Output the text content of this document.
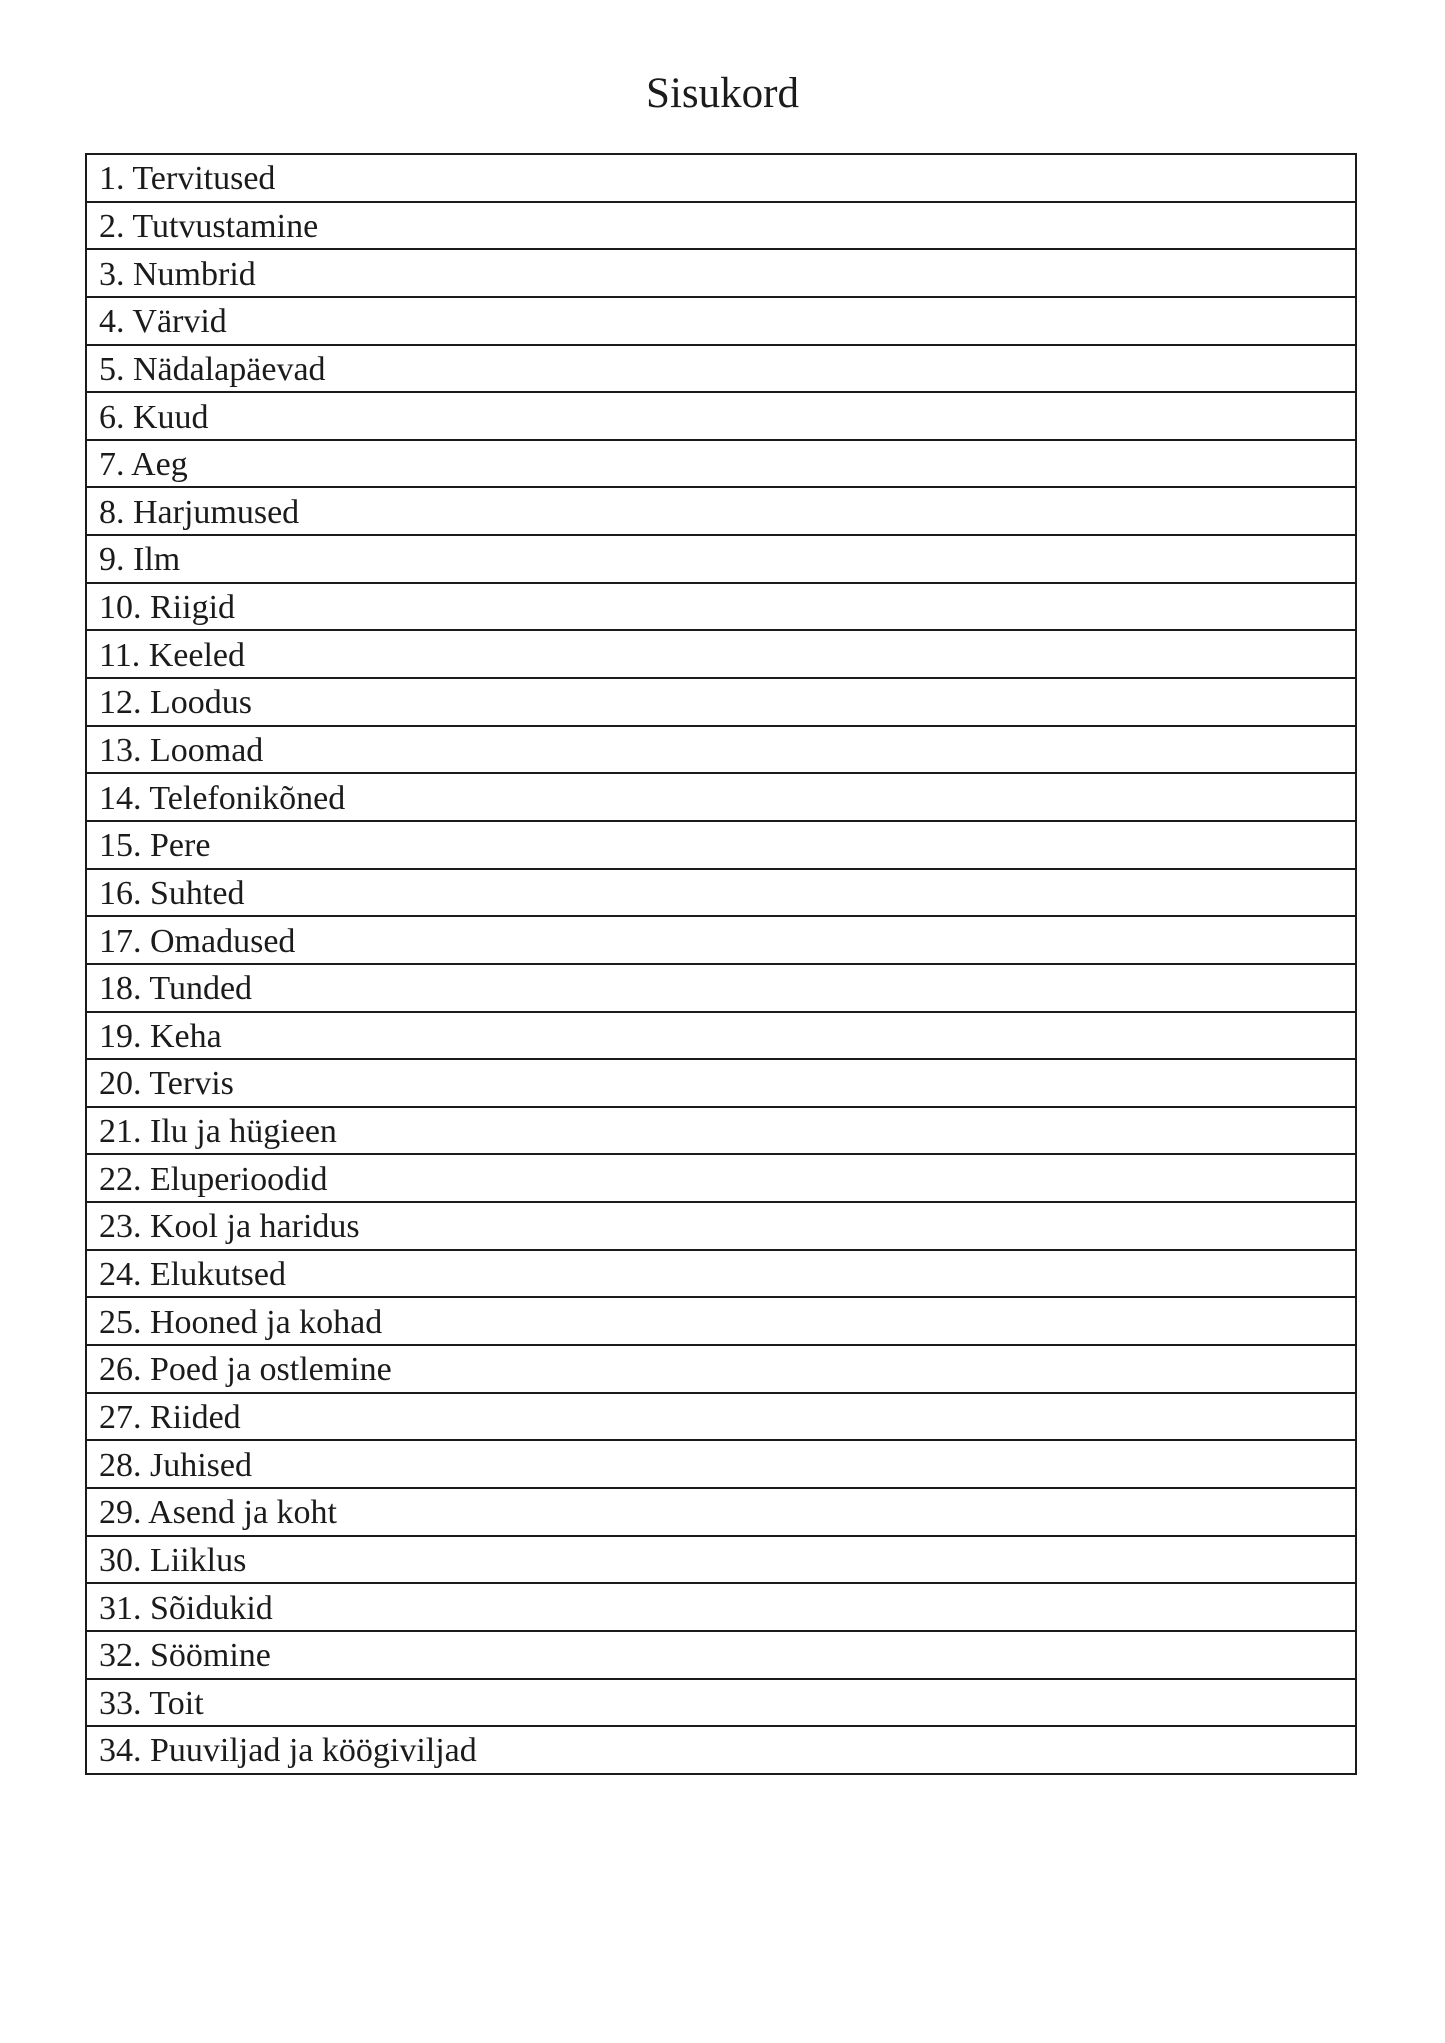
Sisukord
1. Tervitused
2. Tutvustamine
3. Numbrid
4. Värvid
5. Nädalapäevad
6. Kuud
7. Aeg
8. Harjumused
9. Ilm
10. Riigid
11. Keeled
12. Loodus
13. Loomad
14. Telefonikõned
15. Pere
16. Suhted
17. Omadused
18. Tunded
19. Keha
20. Tervis
21. Ilu ja hügieen
22. Eluperioodid
23. Kool ja haridus
24. Elukutsed
25. Hooned ja kohad
26. Poed ja ostlemine
27. Riided
28. Juhised
29. Asend ja koht
30. Liiklus
31. Sõidukid
32. Söömine
33. Toit
34. Puuviljad ja köögiviljad
